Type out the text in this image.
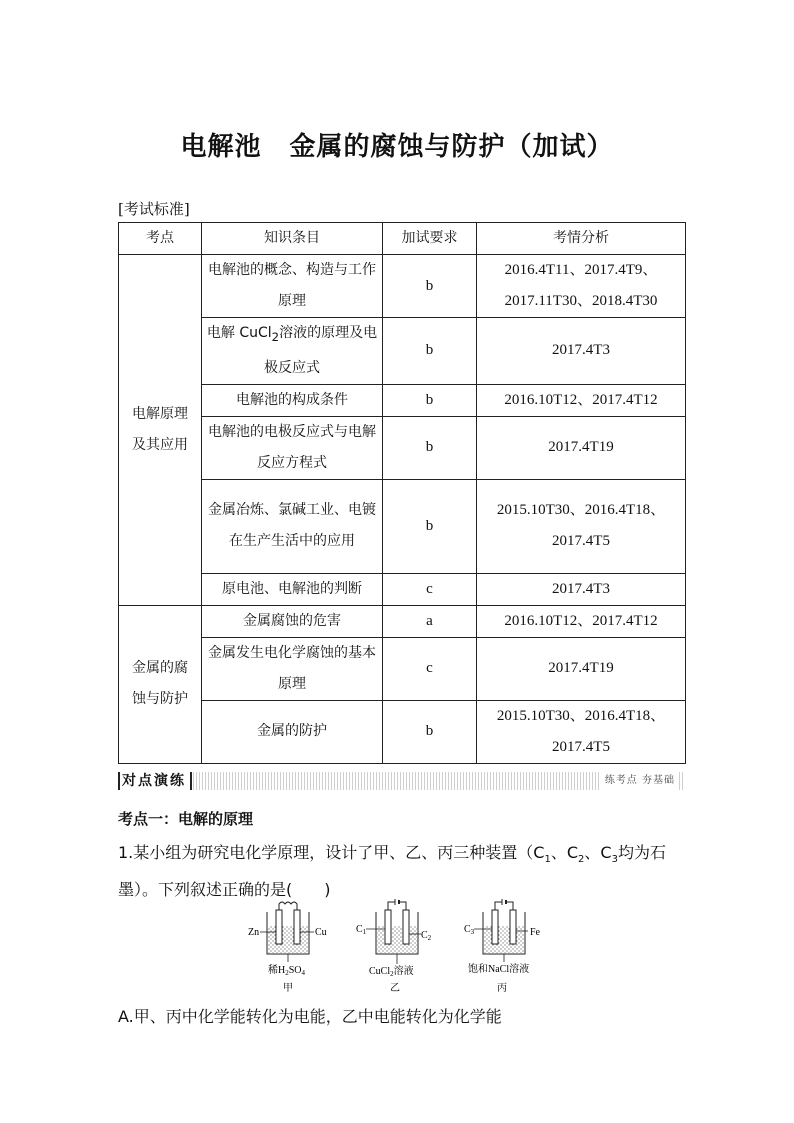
电解池 金属的腐蚀与防护（加试）
[考试标准]
考点	知识条目	加试要求	考情分析

电解原理及其应用	电解池的概念、构造与工作原理	b	2016.4T11、2017.4T9、2017.11T30、2018.4T30
	电解 CuCl$_2$溶液的原理及电极反应式	b	2017.4T3
	电解池的构成条件	b	2016.10T12、2017.4T12
	电解池的电极反应式与电解反应方程式	b	2017.4T19
	金属冶炼、氯碱工业、电镀在生产生活中的应用	b	2015.10T30、2016.4T18、2017.4T5
	原电池、电解池的判断	c	2017.4T3

金属的腐蚀与防护	金属腐蚀的危害	a	2016.10T12、2017.4T12
	金属发生电化学腐蚀的基本原理	c	2017.4T19
	金属的防护	b	2015.10T30、2016.4T18、2017.4T5
对点演练	练考点 夯基础
考点一：电解的原理
1.某小组为研究电化学原理，设计了甲、乙、丙三种装置（$C_1$、$C_2$、$C_3$均为石墨）。下列叙述正确的是(　　)
Zn	Cu
稀$H_2SO_4$
甲
$C_1$	$C_2$
CuCl$_2$溶液
乙
$C_3$	Fe
饱和NaCl溶液
丙
A.甲、丙中化学能转化为电能，乙中电能转化为化学能
